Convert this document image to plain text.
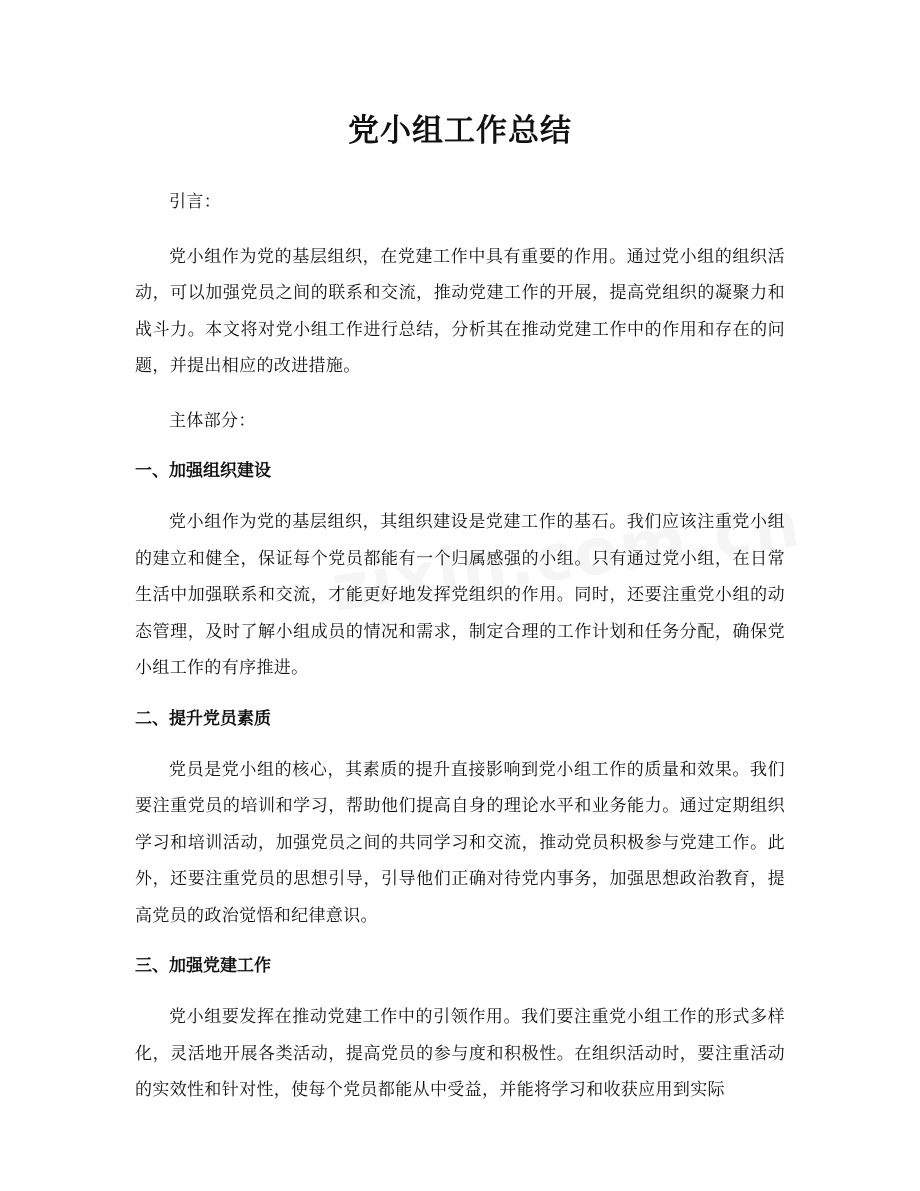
党小组工作总结

引言：

党小组作为党的基层组织，在党建工作中具有重要的作用。通过党小组的组织活动，可以加强党员之间的联系和交流，推动党建工作的开展，提高党组织的凝聚力和战斗力。本文将对党小组工作进行总结，分析其在推动党建工作中的作用和存在的问题，并提出相应的改进措施。

主体部分：

一、加强组织建设

党小组作为党的基层组织，其组织建设是党建工作的基石。我们应该注重党小组的建立和健全，保证每个党员都能有一个归属感强的小组。只有通过党小组，在日常生活中加强联系和交流，才能更好地发挥党组织的作用。同时，还要注重党小组的动态管理，及时了解小组成员的情况和需求，制定合理的工作计划和任务分配，确保党小组工作的有序推进。

二、提升党员素质

党员是党小组的核心，其素质的提升直接影响到党小组工作的质量和效果。我们要注重党员的培训和学习，帮助他们提高自身的理论水平和业务能力。通过定期组织学习和培训活动，加强党员之间的共同学习和交流，推动党员积极参与党建工作。此外，还要注重党员的思想引导，引导他们正确对待党内事务，加强思想政治教育，提高党员的政治觉悟和纪律意识。

三、加强党建工作

党小组要发挥在推动党建工作中的引领作用。我们要注重党小组工作的形式多样化，灵活地开展各类活动，提高党员的参与度和积极性。在组织活动时，要注重活动的实效性和针对性，使每个党员都能从中受益，并能将学习和收获应用到实际
